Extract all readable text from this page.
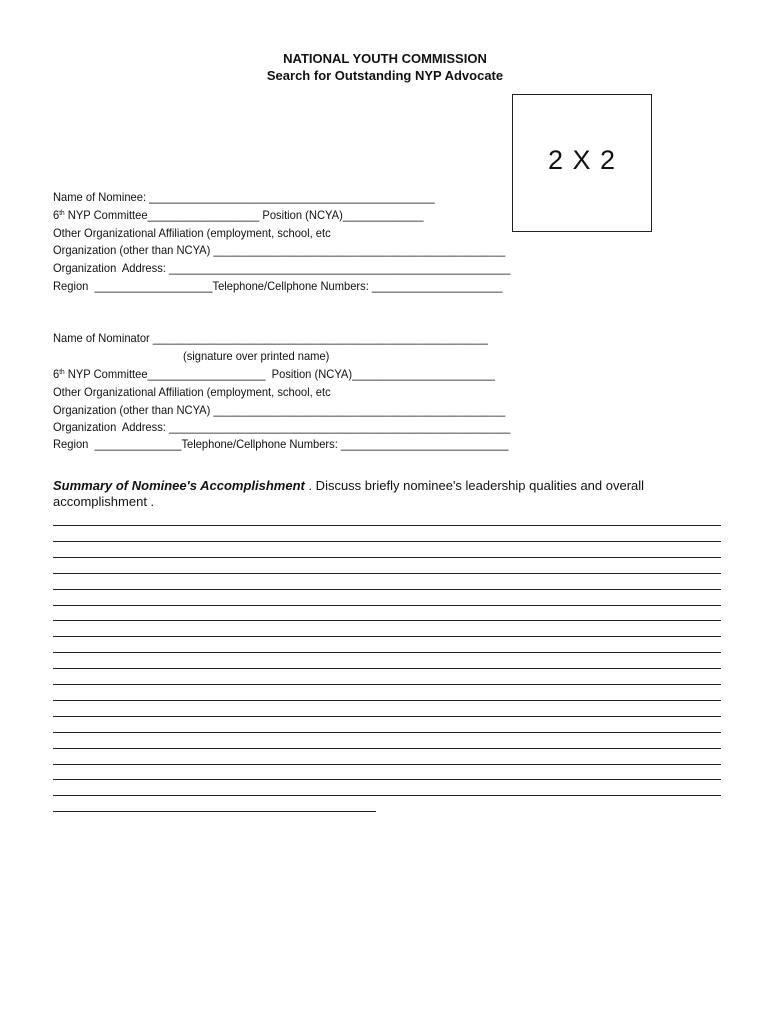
NATIONAL YOUTH COMMISSION
Search for Outstanding NYP Advocate
2 X 2
Name of Nominee: ______________________________________________
6th NYP Committee__________________ Position (NCYA)_____________
Other Organizational Affiliation (employment, school, etc
Organization (other than NCYA) _______________________________________________
Organization  Address: _______________________________________________________
Region  ___________________Telephone/Cellphone Numbers: _____________________
Name of Nominator ______________________________________________________
(signature over printed name)
6th NYP Committee___________________  Position (NCYA)_______________________
Other Organizational Affiliation (employment, school, etc
Organization (other than NCYA) _______________________________________________
Organization  Address: _______________________________________________________
Region  ______________Telephone/Cellphone Numbers: ___________________________
Summary of Nominee's Accomplishment . Discuss briefly nominee's leadership qualities and overall accomplishment .
